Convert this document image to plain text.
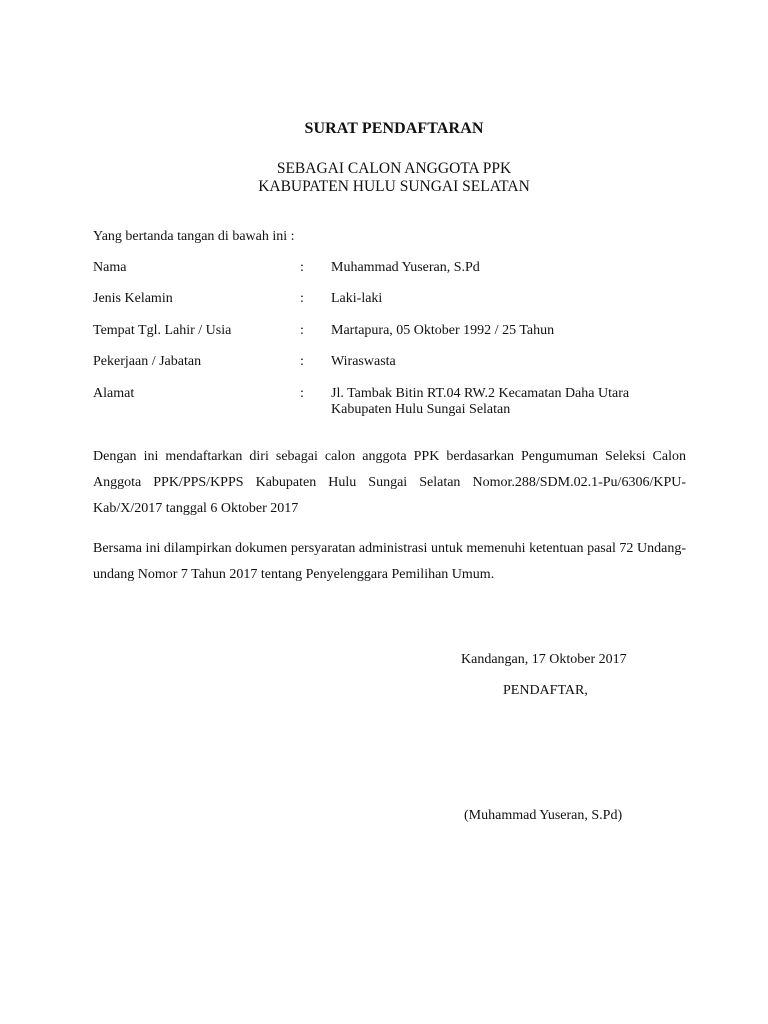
SURAT PENDAFTARAN
SEBAGAI CALON ANGGOTA PPK
KABUPATEN HULU SUNGAI SELATAN
Yang bertanda tangan di bawah ini :
Nama	: Muhammad Yuseran, S.Pd
Jenis Kelamin	: Laki-laki
Tempat Tgl. Lahir / Usia	: Martapura, 05 Oktober 1992 / 25 Tahun
Pekerjaan / Jabatan	: Wiraswasta
Alamat	: Jl. Tambak Bitin RT.04 RW.2 Kecamatan Daha Utara
Kabupaten Hulu Sungai Selatan

Dengan ini mendaftarkan diri sebagai calon anggota PPK berdasarkan Pengumuman Seleksi Calon Anggota PPK/PPS/KPPS Kabupaten Hulu Sungai Selatan Nomor.288/SDM.02.1-Pu/6306/KPU-Kab/X/2017 tanggal 6 Oktober 2017

Bersama ini dilampirkan dokumen persyaratan administrasi untuk memenuhi ketentuan pasal 72 Undang-undang Nomor 7 Tahun 2017 tentang Penyelenggara Pemilihan Umum.

Kandangan, 17 Oktober 2017
PENDAFTAR,
(Muhammad Yuseran, S.Pd)
